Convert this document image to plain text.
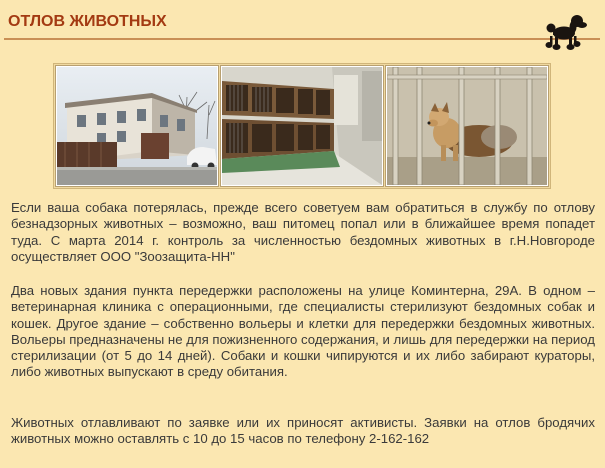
ОТЛОВ ЖИВОТНЫХ

Если ваша собака потерялась, прежде всего советуем вам обратиться в службу по отлову безнадзорных животных – возможно, ваш питомец попал или в ближайшее время попадет туда. С марта 2014 г. контроль за численностью бездомных животных в г.Н.Новгороде осуществляет ООО "Зоозащита-НН"

Два новых здания пункта передержки расположены на улице Коминтерна, 29А. В одном – ветеринарная клиника с операционными, где специалисты стерилизуют бездомных собак и кошек. Другое здание – собственно вольеры и клетки для передержки бездомных животных. Вольеры предназначены не для пожизненного содержания, и лишь для передержки на период стерилизации (от 5 до 14 дней). Собаки и кошки чипируются и их либо забирают кураторы, либо животных выпускают в среду обитания.

Животных отлавливают по заявке или их приносят активисты. Заявки на отлов бродячих животных можно оставлять с 10 до 15 часов по телефону 2-162-162
